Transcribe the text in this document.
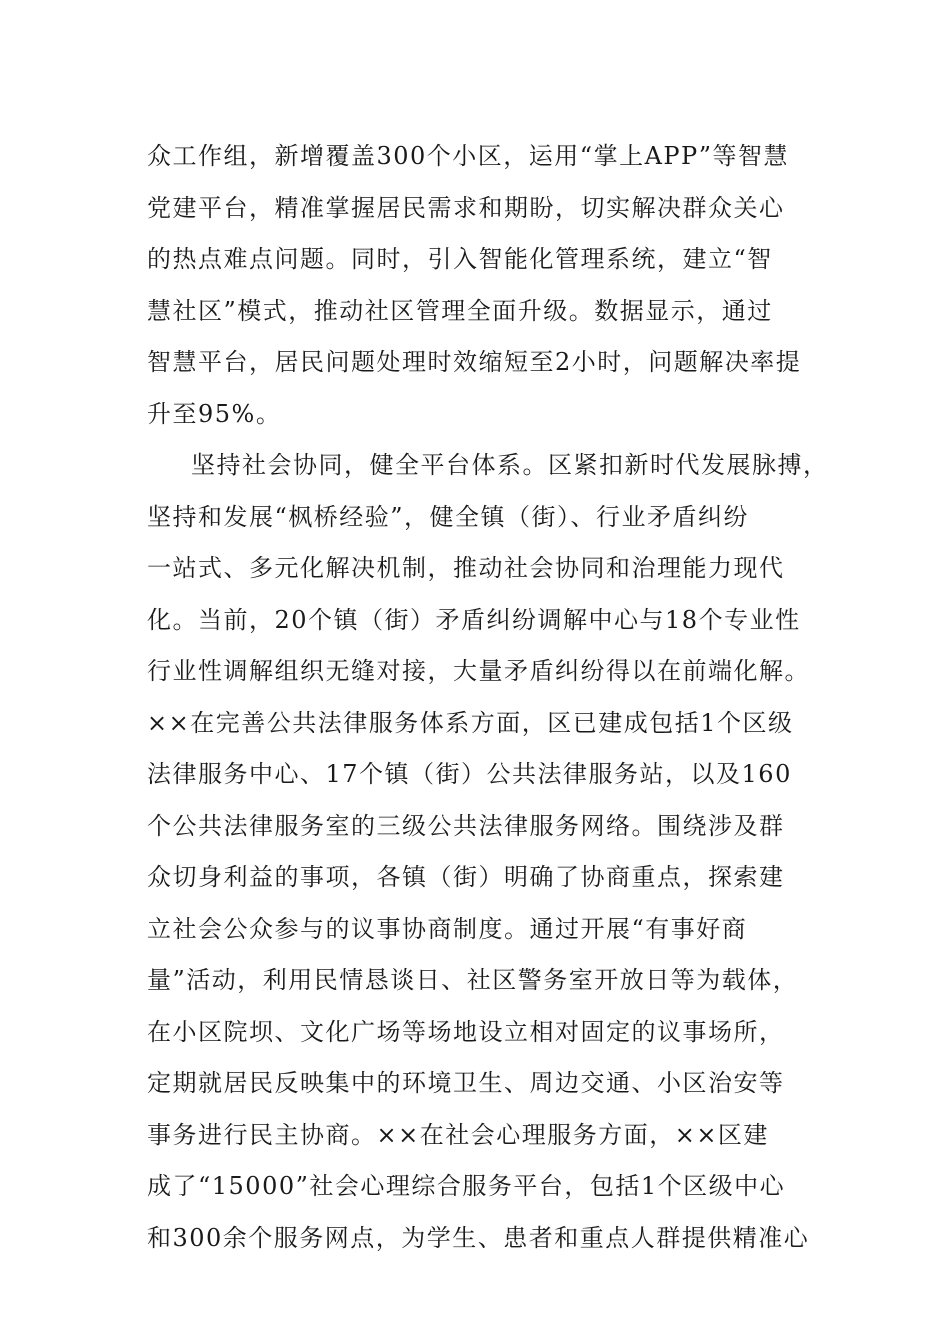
众工作组，新增覆盖300个小区，运用“掌上APP”等智慧
党建平台，精准掌握居民需求和期盼，切实解决群众关心
的热点难点问题。同时，引入智能化管理系统，建立“智
慧社区”模式，推动社区管理全面升级。数据显示，通过
智慧平台，居民问题处理时效缩短至2小时，问题解决率提
升至95%。
坚持社会协同，健全平台体系。区紧扣新时代发展脉搏，
坚持和发展“枫桥经验”，健全镇（街）、行业矛盾纠纷
一站式、多元化解决机制，推动社会协同和治理能力现代
化。当前，20个镇（街）矛盾纠纷调解中心与18个专业性
行业性调解组织无缝对接，大量矛盾纠纷得以在前端化解。
××在完善公共法律服务体系方面，区已建成包括1个区级
法律服务中心、17个镇（街）公共法律服务站，以及160
个公共法律服务室的三级公共法律服务网络。围绕涉及群
众切身利益的事项，各镇（街）明确了协商重点，探索建
立社会公众参与的议事协商制度。通过开展“有事好商
量”活动，利用民情恳谈日、社区警务室开放日等为载体，
在小区院坝、文化广场等场地设立相对固定的议事场所，
定期就居民反映集中的环境卫生、周边交通、小区治安等
事务进行民主协商。××在社会心理服务方面，××区建
成了“15000”社会心理综合服务平台，包括1个区级中心
和300余个服务网点，为学生、患者和重点人群提供精准心
